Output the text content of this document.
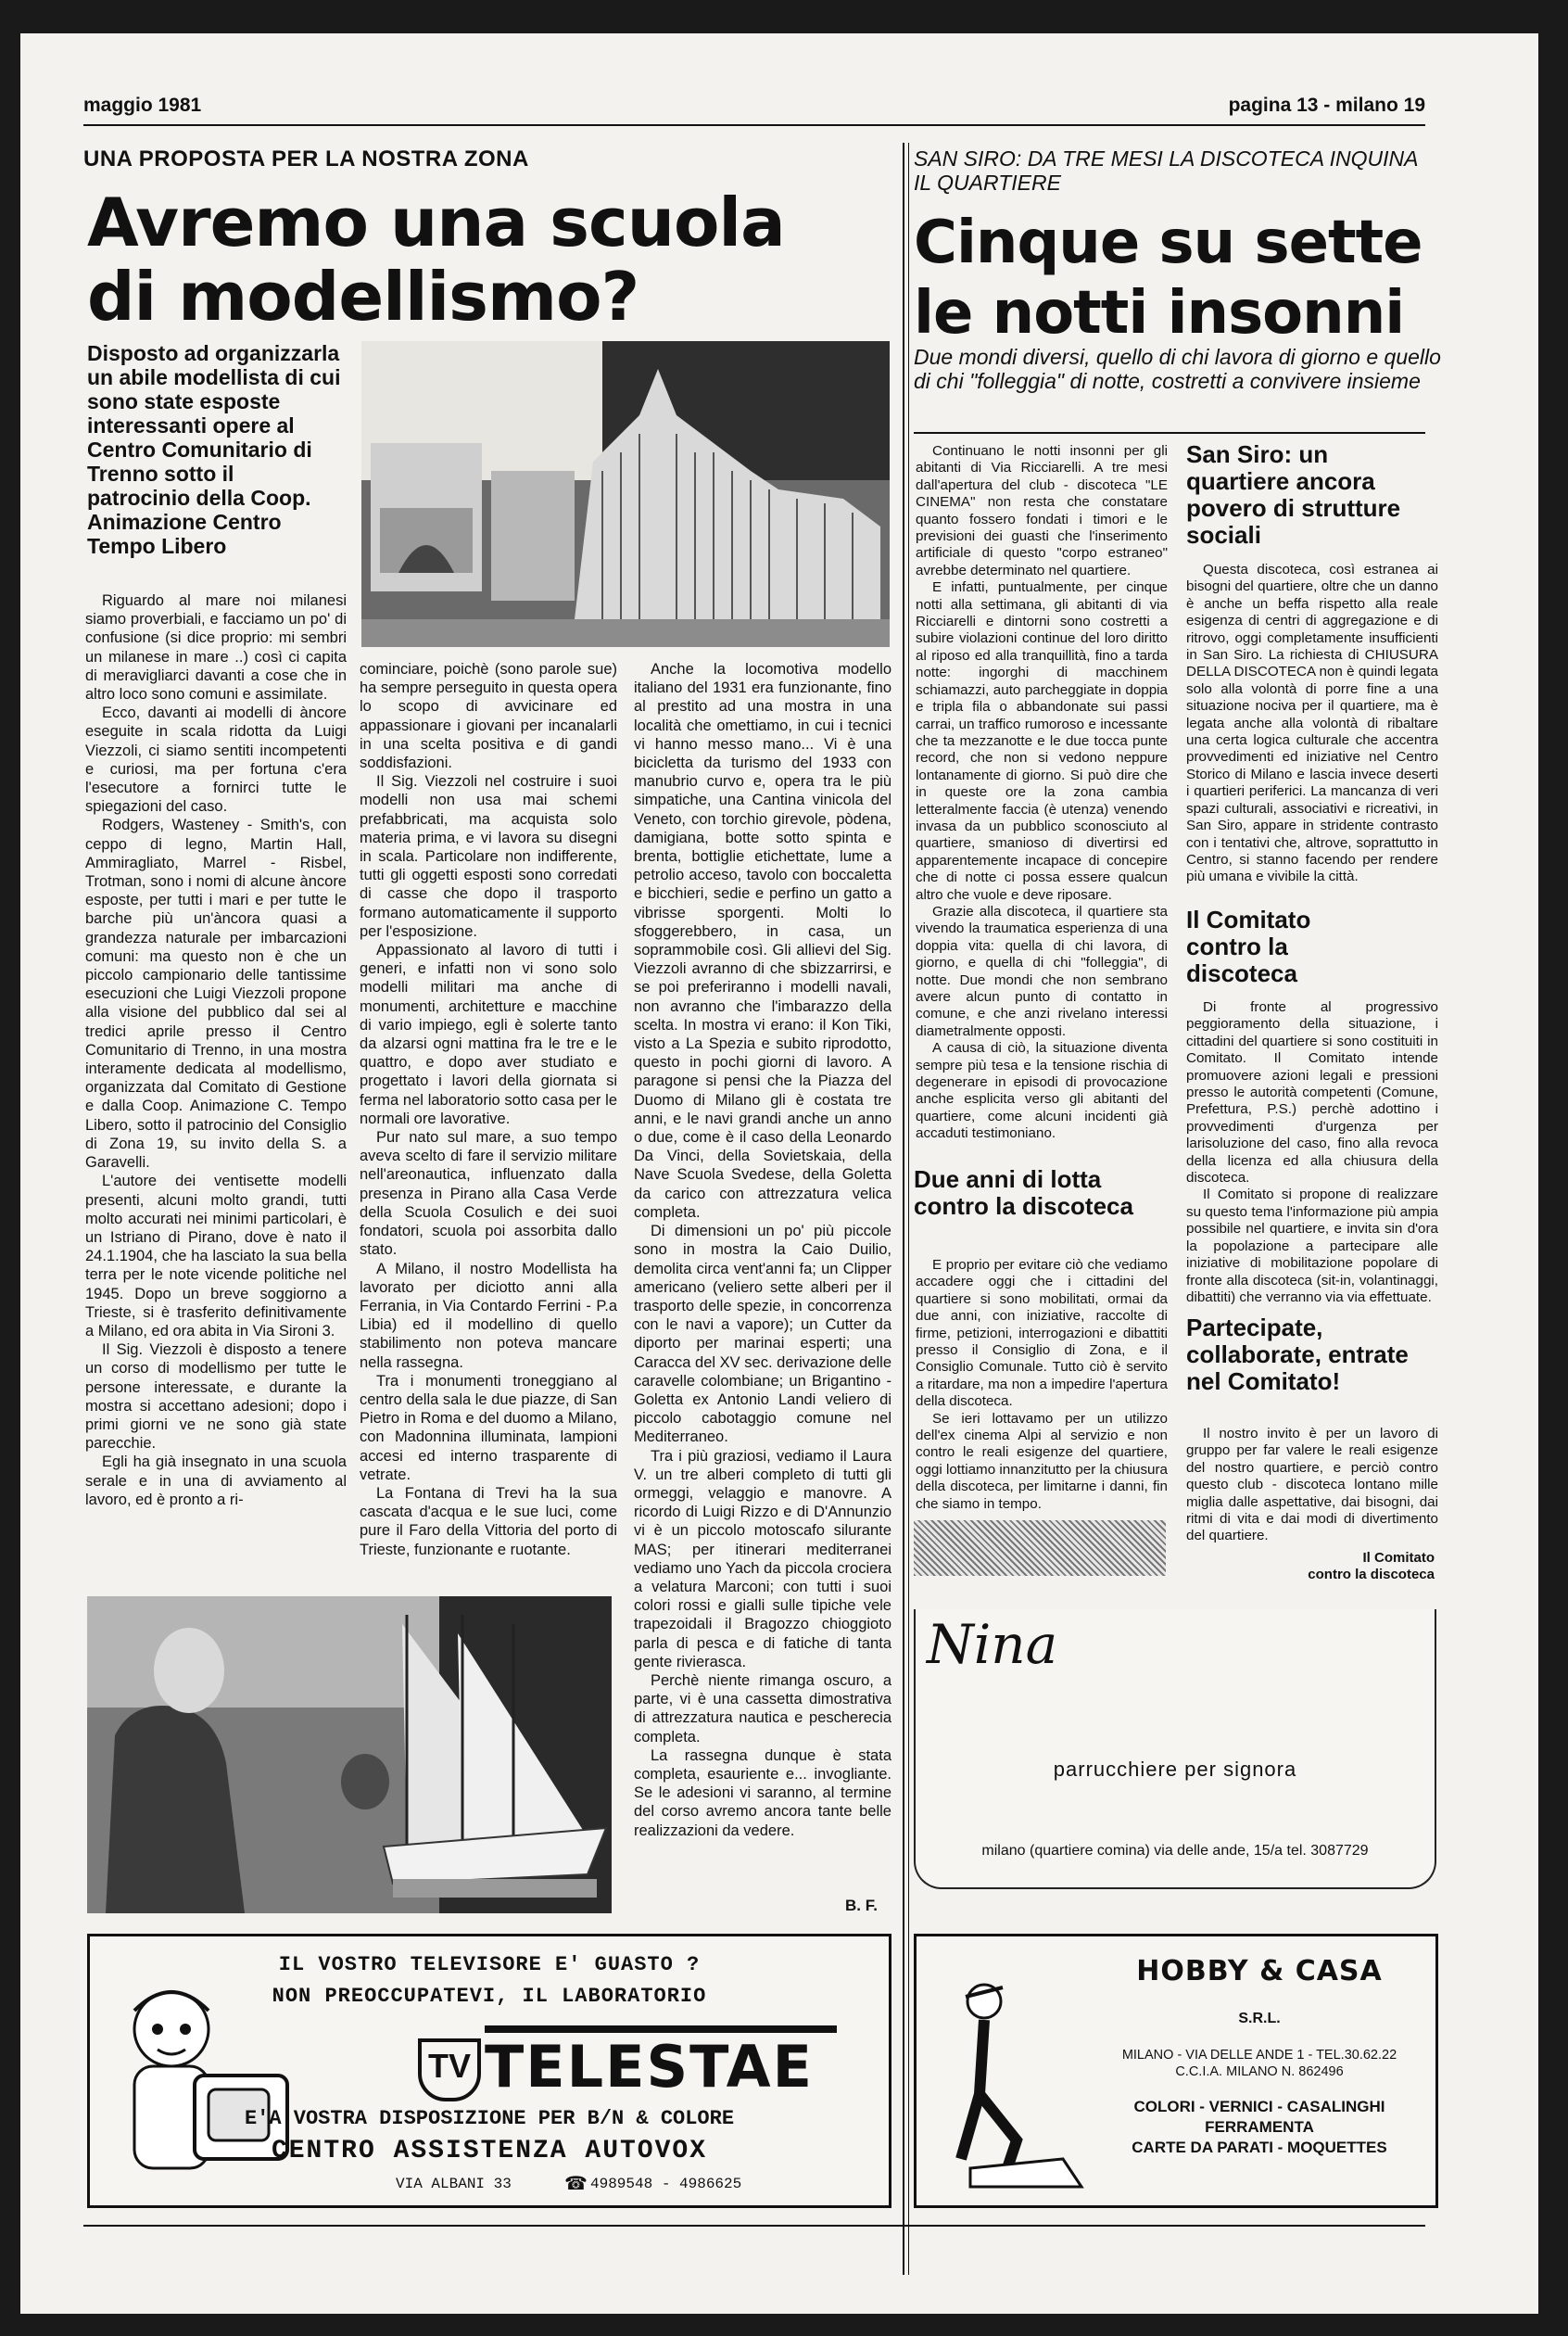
maggio 1981	pagina 13 - milano 19
UNA PROPOSTA PER LA NOSTRA ZONA
Avremo una scuola
di modellismo?
Disposto ad organizzarla un abile modellista di cui sono state esposte interessanti opere al Centro Comunitario di Trenno sotto il patrocinio della Coop. Animazione Centro Tempo Libero

Riguardo al mare noi milanesi siamo proverbiali, e facciamo un po' di confusione (si dice proprio: mi sembri un milanese in mare ..) così ci capita di meravigliarci davanti a cose che in altro loco sono comuni e assimilate.

Ecco, davanti ai modelli di àncore eseguite in scala ridotta da Luigi Viezzoli, ci siamo sentiti incompetenti e curiosi, ma per fortuna c'era l'esecutore a fornirci tutte le spiegazioni del caso.

Rodgers, Wasteney - Smith's, con ceppo di legno, Martin Hall, Ammiragliato, Marrel - Risbel, Trotman, sono i nomi di alcune àncore esposte, per tutti i mari e per tutte le barche più un'àncora quasi a grandezza naturale per imbarcazioni comuni: ma questo non è che un piccolo campionario delle tantissime esecuzioni che Luigi Viezzoli propone alla visione del pubblico dal sei al tredici aprile presso il Centro Comunitario di Trenno, in una mostra interamente dedicata al modellismo, organizzata dal Comitato di Gestione e dalla Coop. Animazione C. Tempo Libero, sotto il patrocinio del Consiglio di Zona 19, su invito della S. a Garavelli.

L'autore dei ventisette modelli presenti, alcuni molto grandi, tutti molto accurati nei minimi particolari, è un Istriano di Pirano, dove è nato il 24.1.1904, che ha lasciato la sua bella terra per le note vicende politiche nel 1945. Dopo un breve soggiorno a Trieste, si è trasferito definitivamente a Milano, ed ora abita in Via Sironi 3.

Il Sig. Viezzoli è disposto a tenere un corso di modellismo per tutte le persone interessate, e durante la mostra si accettano adesioni; dopo i primi giorni ve ne sono già state parecchie.

Egli ha già insegnato in una scuola serale e in una di avviamento al lavoro, ed è pronto a ri-

cominciare, poichè (sono parole sue) ha sempre perseguito in questa opera lo scopo di avvicinare ed appassionare i giovani per incanalarli in una scelta positiva e di gandi soddisfazioni.

Il Sig. Viezzoli nel costruire i suoi modelli non usa mai schemi prefabbricati, ma acquista solo materia prima, e vi lavora su disegni in scala. Particolare non indifferente, tutti gli oggetti esposti sono corredati di casse che dopo il trasporto formano automaticamente il supporto per l'esposizione.

Appassionato al lavoro di tutti i generi, e infatti non vi sono solo modelli militari ma anche di monumenti, architetture e macchine di vario impiego, egli è solerte tanto da alzarsi ogni mattina fra le tre e le quattro, e dopo aver studiato e progettato i lavori della giornata si ferma nel laboratorio sotto casa per le normali ore lavorative.

Pur nato sul mare, a suo tempo aveva scelto di fare il servizio militare nell'areonautica, influenzato dalla presenza in Pirano alla Casa Verde della Scuola Cosulich e dei suoi fondatori, scuola poi assorbita dallo stato.

A Milano, il nostro Modellista ha lavorato per diciotto anni alla Ferrania, in Via Contardo Ferrini - P.a Libia) ed il modellino di quello stabilimento non poteva mancare nella rassegna.

Tra i monumenti troneggiano al centro della sala le due piazze, di San Pietro in Roma e del duomo a Milano, con Madonnina illuminata, lampioni accesi ed interno trasparente di vetrate.

La Fontana di Trevi ha la sua cascata d'acqua e le sue luci, come pure il Faro della Vittoria del porto di Trieste, funzionante e ruotante.

Anche la locomotiva modello italiano del 1931 era funzionante, fino al prestito ad una mostra in una località che omettiamo, in cui i tecnici vi hanno messo mano... Vi è una bicicletta da turismo del 1933 con manubrio curvo e, opera tra le più simpatiche, una Cantina vinicola del Veneto, con torchio girevole, pòdena, damigiana, botte sotto spinta e brenta, bottiglie etichettate, lume a petrolio acceso, tavolo con boccaletta e bicchieri, sedie e perfino un gatto a vibrisse sporgenti. Molti lo sfoggerebbero, in casa, un soprammobile così. Gli allievi del Sig. Viezzoli avranno di che sbizzarrirsi, e se poi preferiranno i modelli navali, non avranno che l'imbarazzo della scelta. In mostra vi erano: il Kon Tiki, visto a La Spezia e subito riprodotto, questo in pochi giorni di lavoro. A paragone si pensi che la Piazza del Duomo di Milano gli è costata tre anni, e le navi grandi anche un anno o due, come è il caso della Leonardo Da Vinci, della Sovietskaia, della Nave Scuola Svedese, della Goletta da carico con attrezzatura velica completa.

Di dimensioni un po' più piccole sono in mostra la Caio Duilio, demolita circa vent'anni fa; un Clipper americano (veliero sette alberi per il trasporto delle spezie, in concorrenza con le navi a vapore); un Cutter da diporto per marinai esperti; una Caracca del XV sec. derivazione delle caravelle colombiane; un Brigantino - Goletta ex Antonio Landi veliero di piccolo cabotaggio comune nel Mediterraneo.

Tra i più graziosi, vediamo il Laura V. un tre alberi completo di tutti gli ormeggi, velaggio e manovre. A ricordo di Luigi Rizzo e di D'Annunzio vi è un piccolo motoscafo silurante MAS; per itinerari mediterranei vediamo uno Yach da piccola crociera a velatura Marconi; con tutti i suoi colori rossi e gialli sulle tipiche vele trapezoidali il Bragozzo chioggioto parla di pesca e di fatiche di tanta gente rivierasca.

Perchè niente rimanga oscuro, a parte, vi è una cassetta dimostrativa di attrezzatura nautica e pescherecia completa.

La rassegna dunque è stata completa, esauriente e... invogliante. Se le adesioni vi saranno, al termine del corso avremo ancora tante belle realizzazioni da vedere.

B. F.
SAN SIRO: DA TRE MESI LA DISCOTECA INQUINA IL QUARTIERE
Cinque su sette
le notti insonni
Due mondi diversi, quello di chi lavora di giorno e quello di chi "folleggia" di notte, costretti a convivere insieme

Continuano le notti insonni per gli abitanti di Via Ricciarelli. A tre mesi dall'apertura del club - discoteca "LE CINEMA" non resta che constatare quanto fossero fondati i timori e le previsioni dei guasti che l'inserimento artificiale di questo "corpo estraneo" avrebbe determinato nel quartiere.

E infatti, puntualmente, per cinque notti alla settimana, gli abitanti di via Ricciarelli e dintorni sono costretti a subire violazioni continue del loro diritto al riposo ed alla tranquillità, fino a tarda notte: ingorghi di macchinem schiamazzi, auto parcheggiate in doppia e tripla fila o abbandonate sui passi carrai, un traffico rumoroso e incessante che ta mezzanotte e le due tocca punte record, che non si vedono neppure lontanamente di giorno. Si può dire che in queste ore la zona cambia letteralmente faccia (è utenza) venendo invasa da un pubblico sconosciuto al quartiere, smanioso di divertirsi ed apparentemente incapace di concepire che di notte ci possa essere qualcun altro che vuole e deve riposare.

Grazie alla discoteca, il quartiere sta vivendo la traumatica esperienza di una doppia vita: quella di chi lavora, di giorno, e quella di chi "folleggia", di notte. Due mondi che non sembrano avere alcun punto di contatto in comune, e che anzi rivelano interessi diametralmente opposti.

A causa di ciò, la situazione diventa sempre più tesa e la tensione rischia di degenerare in episodi di provocazione anche esplicita verso gli abitanti del quartiere, come alcuni incidenti già accaduti testimoniano.

Due anni di lotta contro la discoteca

E proprio per evitare ciò che vediamo accadere oggi che i cittadini del quartiere si sono mobilitati, ormai da due anni, con iniziative, raccolte di firme, petizioni, interrogazioni e dibattiti presso il Consiglio di Zona, e il Consiglio Comunale. Tutto ciò è servito a ritardare, ma non a impedire l'apertura della discoteca.

Se ieri lottavamo per un utilizzo dell'ex cinema Alpi al servizio e non contro le reali esigenze del quartiere, oggi lottiamo innanzitutto per la chiusura della discoteca, per limitarne i danni, fin che siamo in tempo.

San Siro: un quartiere ancora povero di strutture sociali

Questa discoteca, così estranea ai bisogni del quartiere, oltre che un danno è anche un beffa rispetto alla reale esigenza di centri di aggregazione e di ritrovo, oggi completamente insufficienti in San Siro. La richiesta di CHIUSURA DELLA DISCOTECA non è quindi legata solo alla volontà di porre fine a una situazione nociva per il quartiere, ma è legata anche alla volontà di ribaltare una certa logica culturale che accentra provvedimenti ed iniziative nel Centro Storico di Milano e lascia invece deserti i quartieri periferici. La mancanza di veri spazi culturali, associativi e ricreativi, in San Siro, appare in stridente contrasto con i tentativi che, altrove, soprattutto in Centro, si stanno facendo per rendere più umana e vivibile la città.

Il Comitato contro la discoteca

Di fronte al progressivo peggioramento della situazione, i cittadini del quartiere si sono costituiti in Comitato. Il Comitato intende promuovere azioni legali e pressioni presso le autorità competenti (Comune, Prefettura, P.S.) perchè adottino i provvedimenti d'urgenza per larisoluzione del caso, fino alla revoca della licenza ed alla chiusura della discoteca.

Il Comitato si propone di realizzare su questo tema l'informazione più ampia possibile nel quartiere, e invita sin d'ora la popolazione a partecipare alle iniziative di mobilitazione popolare di fronte alla discoteca (sit-in, volantinaggi, dibattiti) che verranno via via effettuate.

Partecipate, collaborate, entrate nel Comitato!

Il nostro invito è per un lavoro di gruppo per far valere le reali esigenze del nostro quartiere, e perciò contro questo club - discoteca lontano mille miglia dalle aspettative, dai bisogni, dai ritmi di vita e dai modi di divertimento del quartiere.

Il Comitato
contro la discoteca
Nina
parrucchiere per signora
milano (quartiere comina) via delle ande, 15/a tel. 3087729
IL VOSTRO TELEVISORE E' GUASTO ?
NON PREOCCUPATEVI, IL LABORATORIO
TV TELESTAE
E'A VOSTRA DISPOSIZIONE PER B/N & COLORE
CENTRO ASSISTENZA AUTOVOX
VIA ALBANI 33	☎ 4989548 - 4986625
HOBBY & CASA
S.R.L.
MILANO - VIA DELLE ANDE 1 - TEL.30.62.22
C.C.I.A. MILANO N. 862496
COLORI - VERNICI - CASALINGHI
FERRAMENTA
CARTE DA PARATI - MOQUETTES
